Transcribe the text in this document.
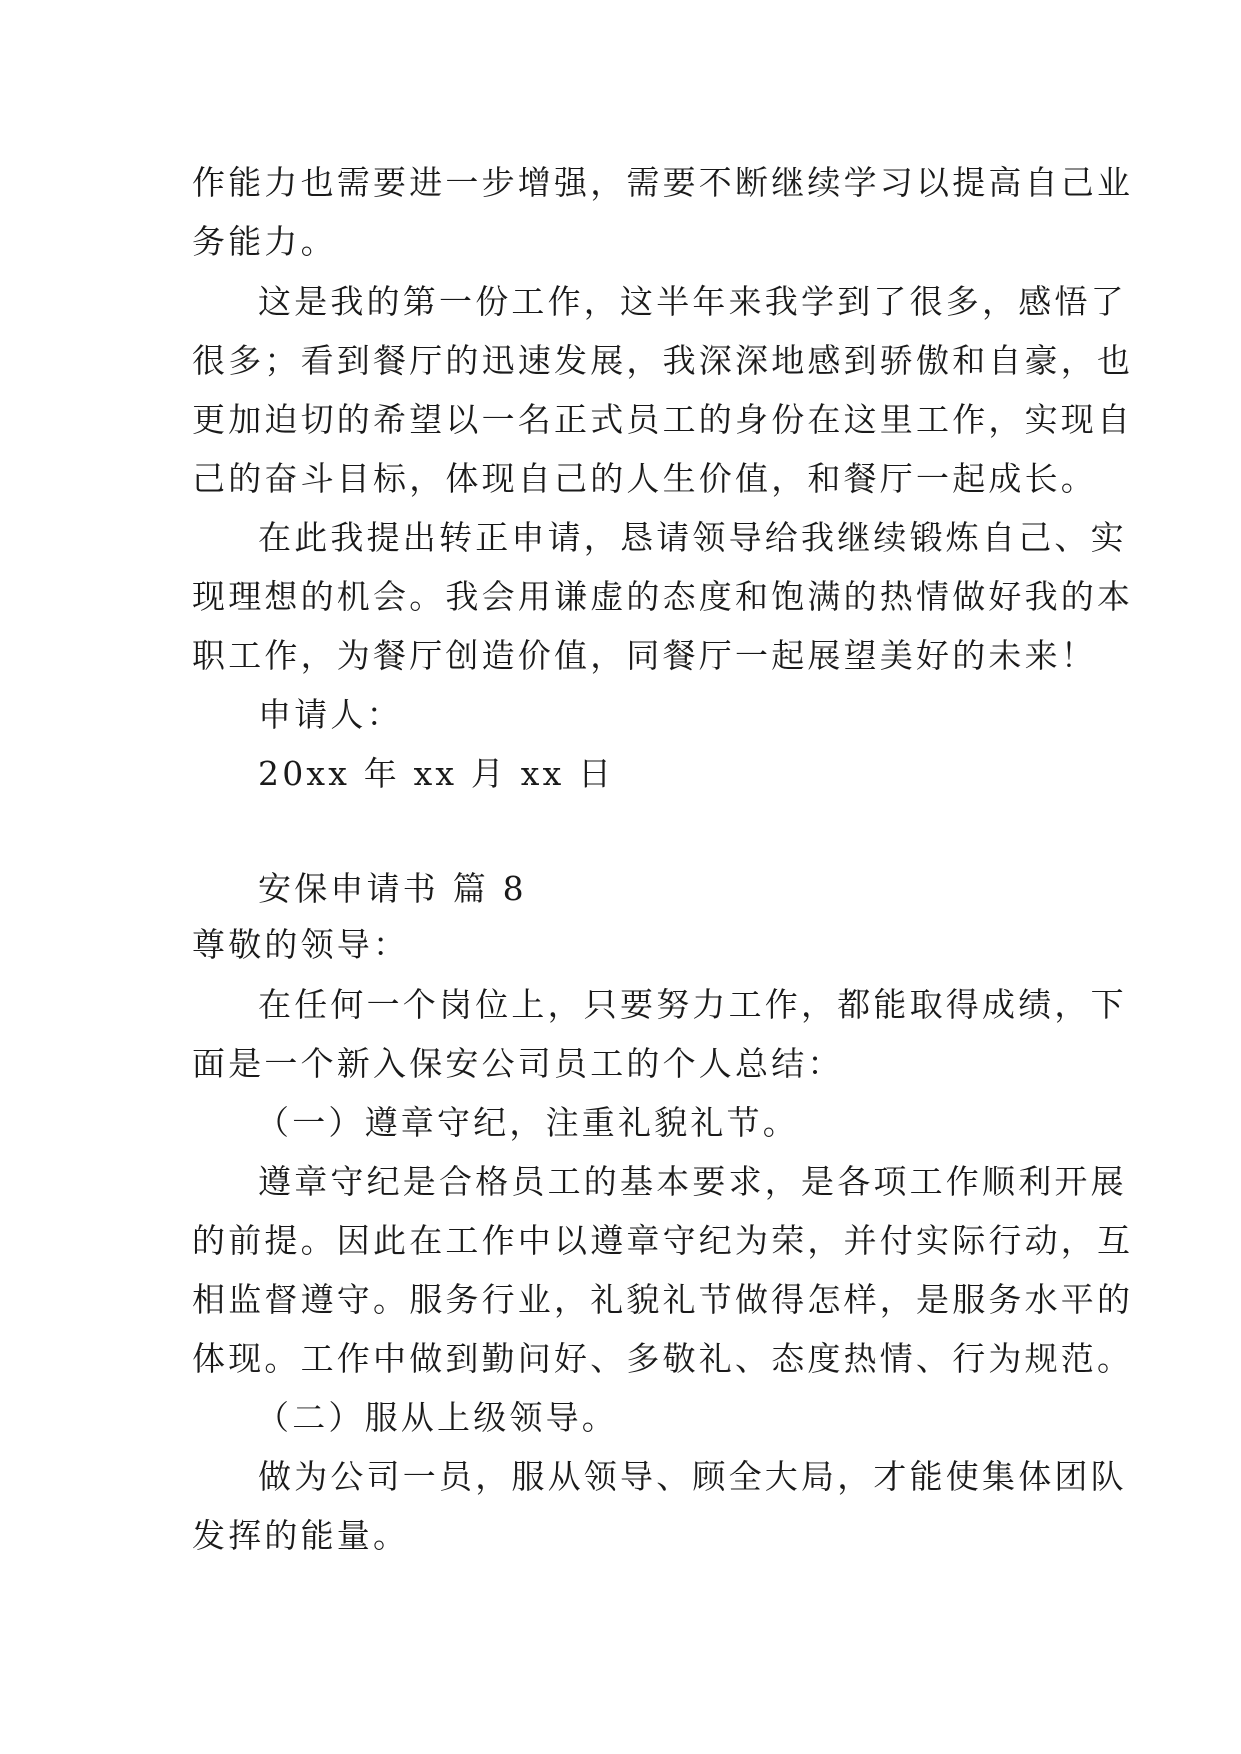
作能力也需要进一步增强，需要不断继续学习以提高自己业
务能力。
这是我的第一份工作，这半年来我学到了很多，感悟了
很多；看到餐厅的迅速发展，我深深地感到骄傲和自豪，也
更加迫切的希望以一名正式员工的身份在这里工作，实现自
己的奋斗目标，体现自己的人生价值，和餐厅一起成长。
在此我提出转正申请，恳请领导给我继续锻炼自己、实
现理想的机会。我会用谦虚的态度和饱满的热情做好我的本
职工作，为餐厅创造价值，同餐厅一起展望美好的未来！
申请人：
20xx 年 xx 月 xx 日
安保申请书 篇 8
尊敬的领导：
在任何一个岗位上，只要努力工作，都能取得成绩，下
面是一个新入保安公司员工的个人总结：
（一）遵章守纪，注重礼貌礼节。
遵章守纪是合格员工的基本要求，是各项工作顺利开展
的前提。因此在工作中以遵章守纪为荣，并付实际行动，互
相监督遵守。服务行业，礼貌礼节做得怎样，是服务水平的
体现。工作中做到勤问好、多敬礼、态度热情、行为规范。
（二）服从上级领导。
做为公司一员，服从领导、顾全大局，才能使集体团队
发挥的能量。
